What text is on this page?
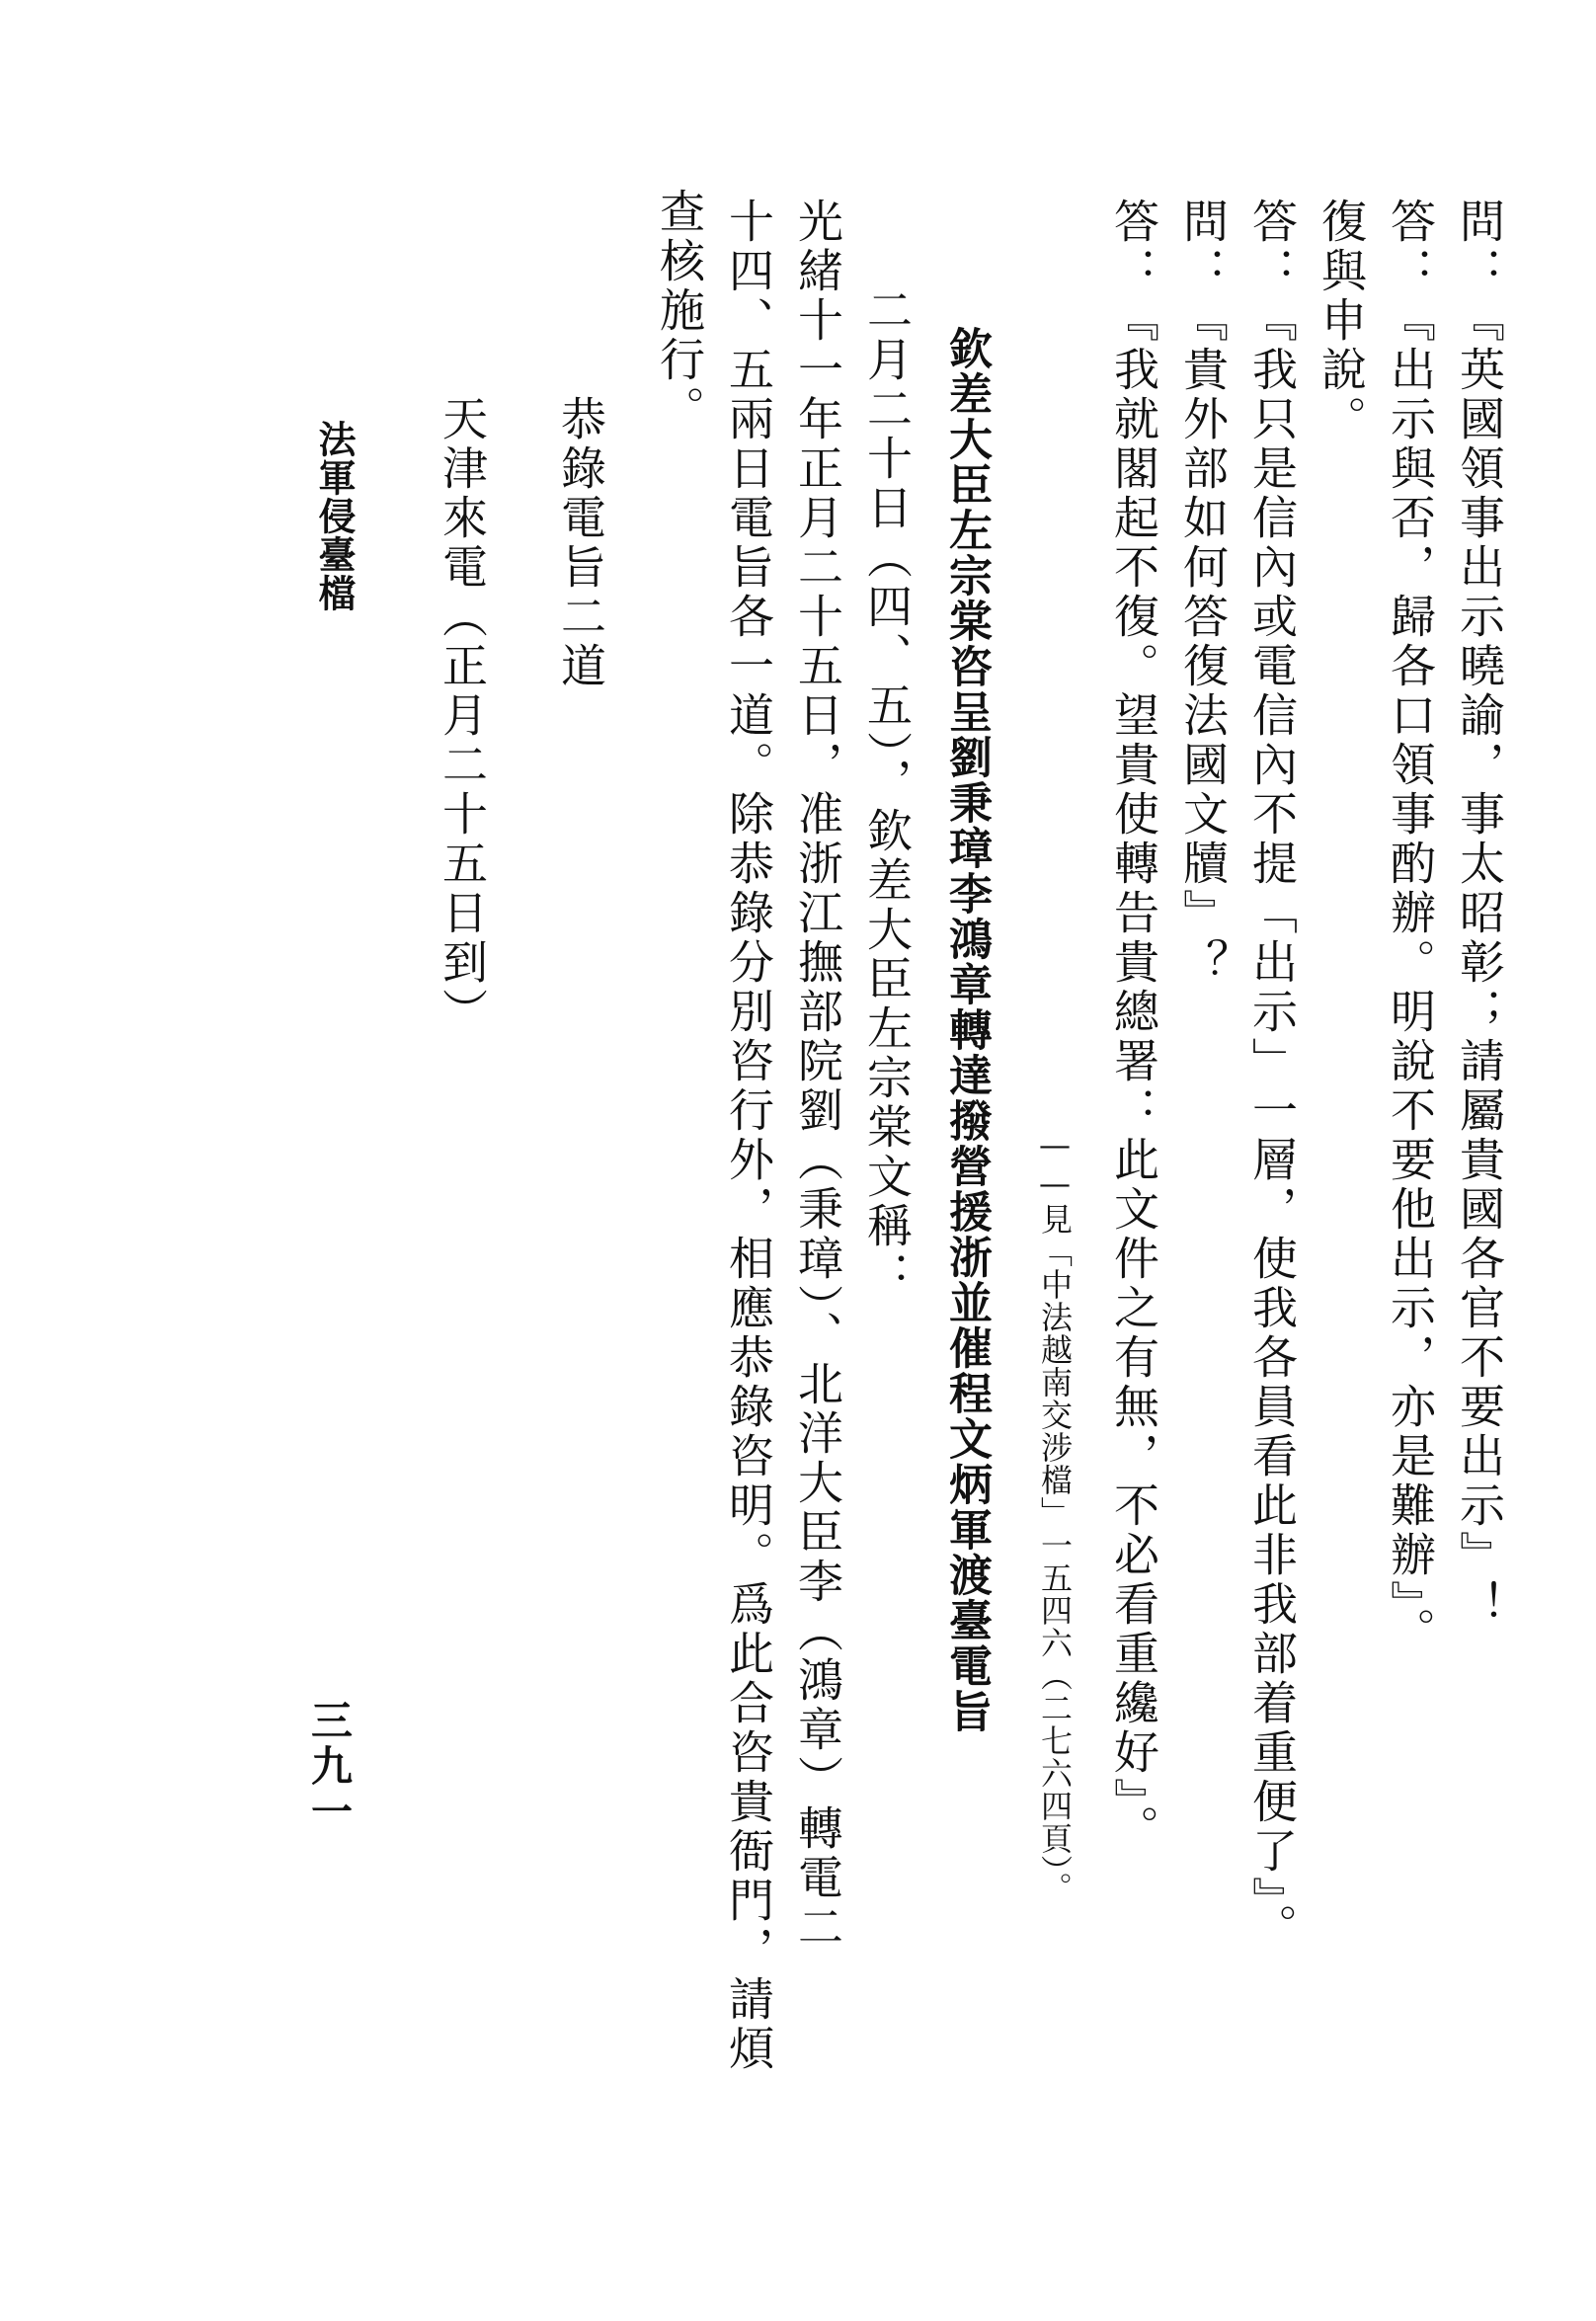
問：『英國領事出示曉諭，事太昭彰；請屬貴國各官不要出示』！
答：『出示與否，歸各口領事酌辦。明說不要他出示，亦是難辦』。
復與申說。
答：『我只是信內或電信內不提「出示」一層，使我各員看此非我部着重便了』。
問：『貴外部如何答復法國文牘』？
答：『我就閣起不復。望貴使轉告貴總署：此文件之有無，不必看重纔好』。
——見「中法越南交涉檔」一五四六（二七六四頁）。
欽差大臣左宗棠咨呈劉秉璋李鴻章轉達撥營援浙並催程文炳軍渡臺電旨
二月二十日（四、五），欽差大臣左宗棠文稱：
光緒十一年正月二十五日，准浙江撫部院劉（秉璋）、北洋大臣李（鴻章）轉電二
十四、五兩日電旨各一道。除恭錄分別咨行外，相應恭錄咨明。爲此合咨貴衙門，請煩
查核施行。
恭錄電旨二道
天津來電（正月二十五日到）
法軍侵臺檔
三九一
